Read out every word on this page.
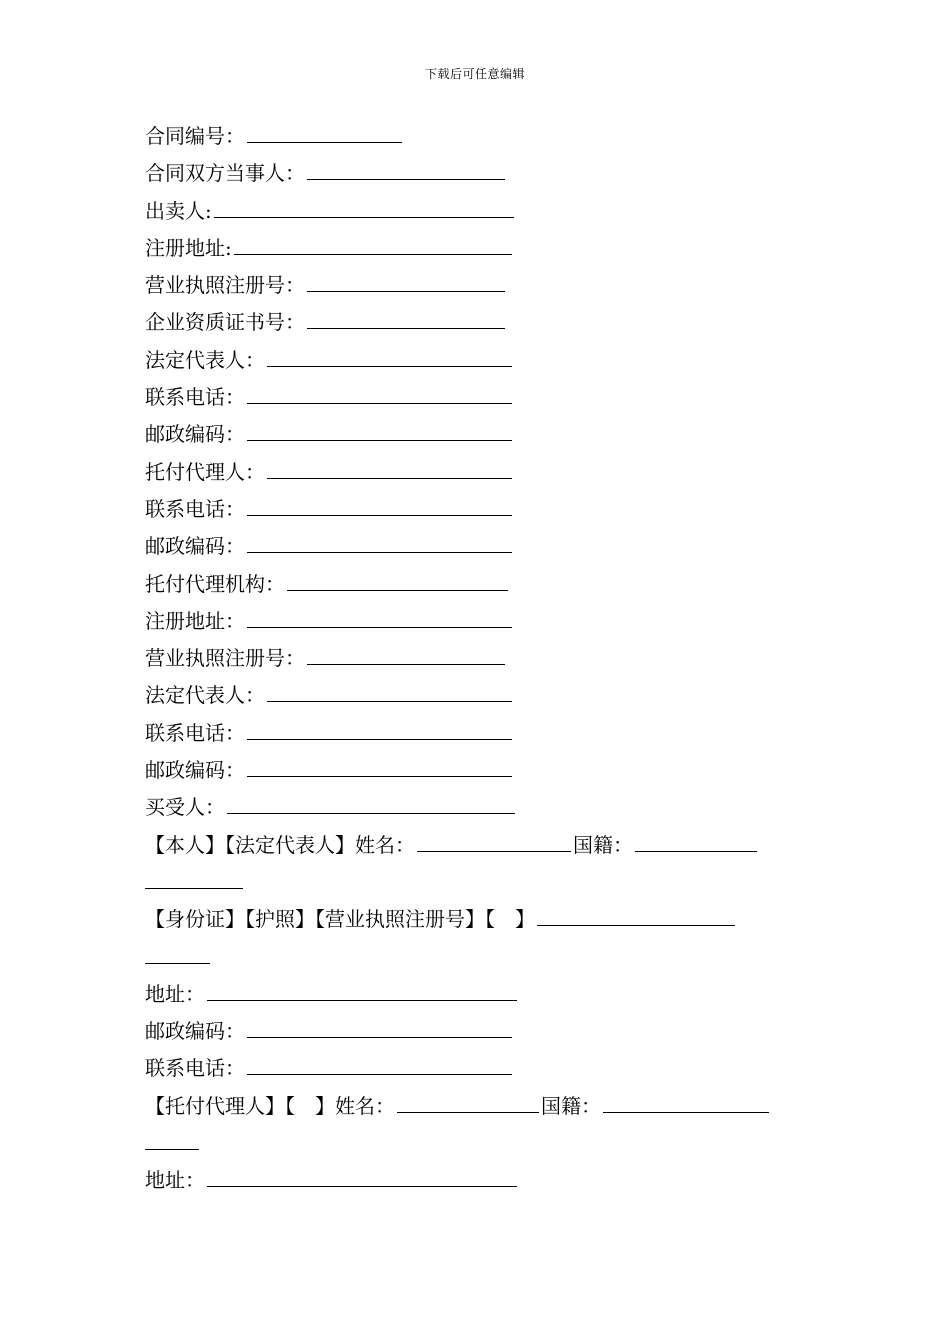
下载后可任意编辑
合同编号：
合同双方当事人：
出卖人:
注册地址:
营业执照注册号：
企业资质证书号：
法定代表人：
联系电话：
邮政编码：
托付代理人：
联系电话：
邮政编码：
托付代理机构：
注册地址：
营业执照注册号：
法定代表人：
联系电话：
邮政编码：
买受人：
【本人】【法定代表人】姓名：	国籍：
【身份证】【护照】【营业执照注册号】【　】
地址：
邮政编码：
联系电话：
【托付代理人】【　】姓名：	国籍：
地址：
